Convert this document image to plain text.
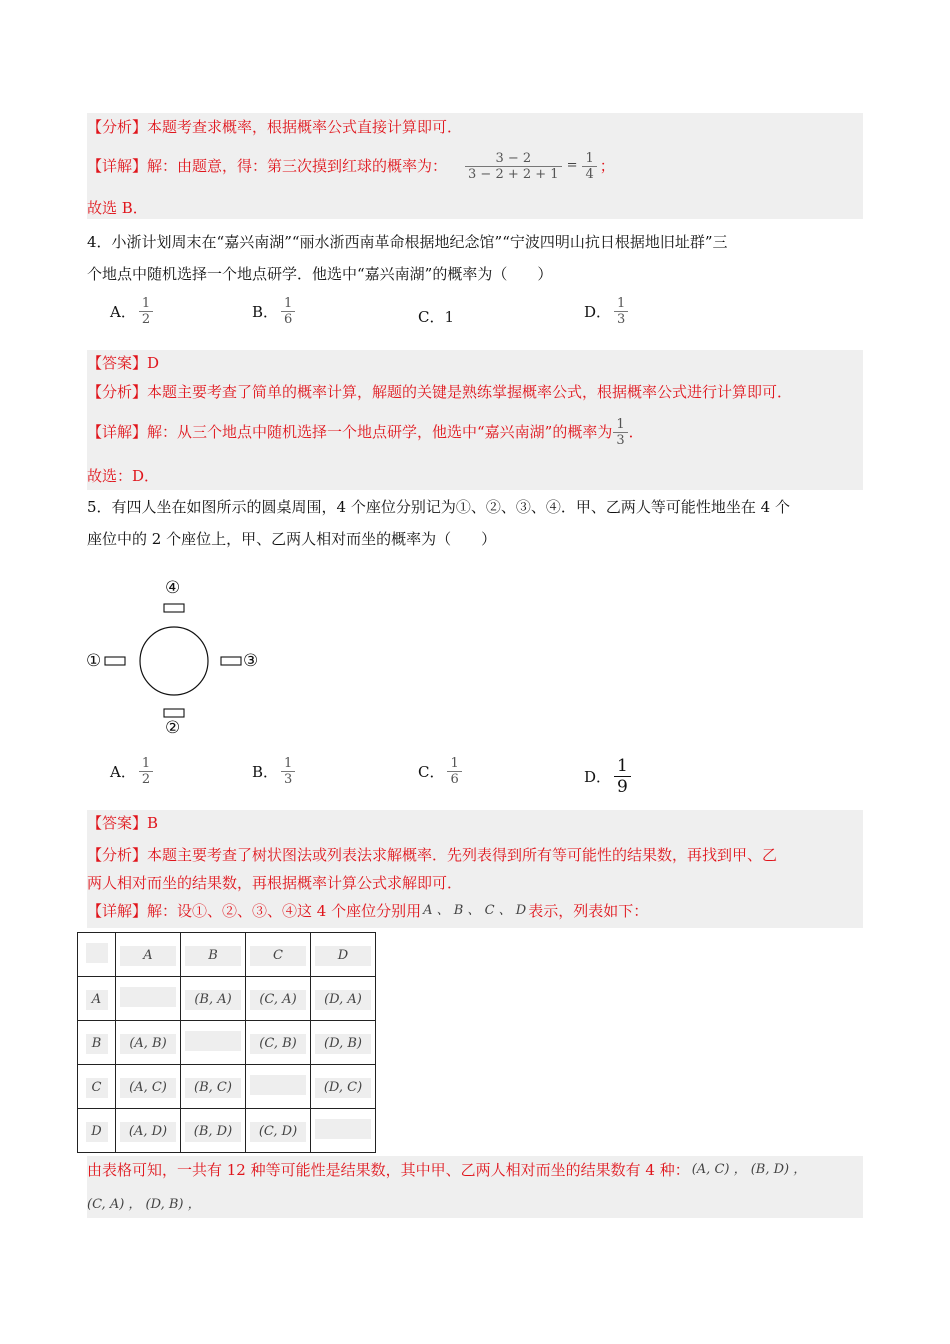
【分析】本题考查求概率，根据概率公式直接计算即可．
【详解】解：由题意，得：第三次摸到红球的概率为： $\frac{3 - 2}{3 - 2 + 2 + 1} = \frac{1}{4}$ ；
故选 B．
4．小浙计划周末在“嘉兴南湖”“丽水浙西南革命根据地纪念馆”“宁波四明山抗日根据地旧址群”三
个地点中随机选择一个地点研学．他选中“嘉兴南湖”的概率为（　　）
A． $\frac{1}{2}$	B． $\frac{1}{6}$	C． 1	D． $\frac{1}{3}$
【答案】D
【分析】本题主要考查了简单的概率计算，解题的关键是熟练掌握概率公式，根据概率公式进行计算即可．
【详解】解：从三个地点中随机选择一个地点研学，他选中“嘉兴南湖”的概率为 $\frac{1}{3}$ ．
故选：D．
5．有四人坐在如图所示的圆桌周围，4 个座位分别记为①、②、③、④．甲、乙两人等可能性地坐在 4 个
座位中的 2 个座位上，甲、乙两人相对而坐的概率为（　　）
④
①	③
②
A． $\frac{1}{2}$	B． $\frac{1}{3}$	C． $\frac{1}{6}$	D． $\frac{1}{9}$
【答案】B
【分析】本题主要考查了树状图法或列表法求解概率．先列表得到所有等可能性的结果数，再找到甲、乙
两人相对而坐的结果数，再根据概率计算公式求解即可．
【详解】解：设①、②、③、④这 4 个座位分别用 A 、 B 、 C 、 D 表示，列表如下：
	A	B	C	D
A		(B, A)	(C, A)	(D, A)
B	(A, B)		(C, B)	(D, B)
C	(A, C)	(B, C)		(D, C)
D	(A, D)	(B, D)	(C, D)	
由表格可知，一共有 12 种等可能性是结果数，其中甲、乙两人相对而坐的结果数有 4 种： (A, C) ， (B, D) ，
(C, A) ， (D, B) ，
